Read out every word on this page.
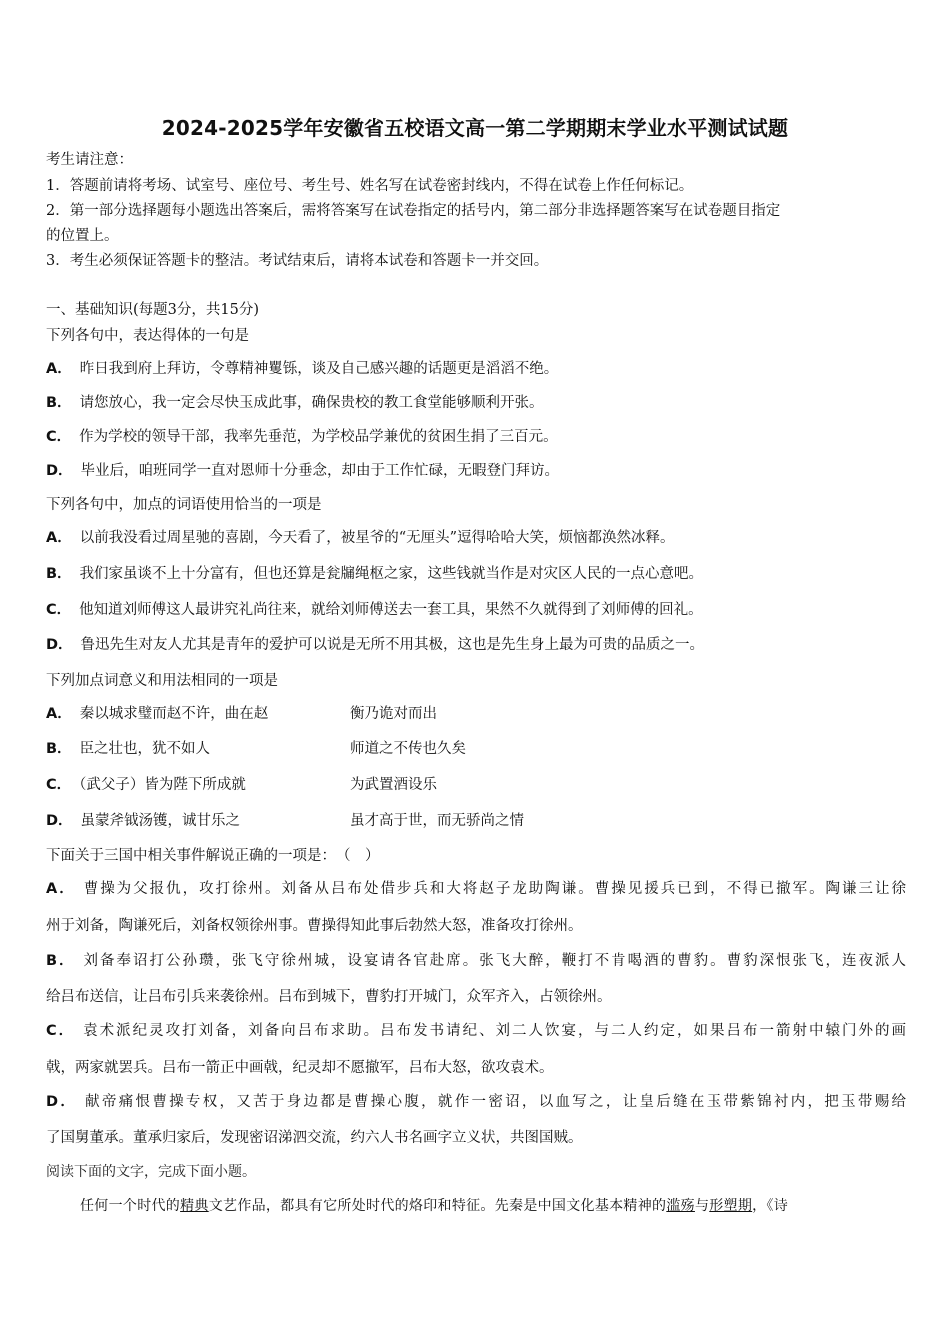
2024-2025学年安徽省五校语文高一第二学期期末学业水平测试试题
考生请注意：
1．答题前请将考场、试室号、座位号、考生号、姓名写在试卷密封线内，不得在试卷上作任何标记。
2．第一部分选择题每小题选出答案后，需将答案写在试卷指定的括号内，第二部分非选择题答案写在试卷题目指定
的位置上。
3．考生必须保证答题卡的整洁。考试结束后，请将本试卷和答题卡一并交回。
一、基础知识(每题3分，共15分)
下列各句中，表达得体的一句是
A． 昨日我到府上拜访，令尊精神矍铄，谈及自己感兴趣的话题更是滔滔不绝。
B． 请您放心，我一定会尽快玉成此事，确保贵校的教工食堂能够顺利开张。
C． 作为学校的领导干部，我率先垂范，为学校品学兼优的贫困生捐了三百元。
D． 毕业后，咱班同学一直对恩师十分垂念，却由于工作忙碌，无暇登门拜访。
下列各句中，加点的词语使用恰当的一项是
A． 以前我没看过周星驰的喜剧，今天看了，被星爷的“无厘头”逗得哈哈大笑，烦恼都涣然冰释。
B． 我们家虽谈不上十分富有，但也还算是瓮牖绳枢之家，这些钱就当作是对灾区人民的一点心意吧。
C． 他知道刘师傅这人最讲究礼尚往来，就给刘师傅送去一套工具，果然不久就得到了刘师傅的回礼。
D． 鲁迅先生对友人尤其是青年的爱护可以说是无所不用其极，这也是先生身上最为可贵的品质之一。
下列加点词意义和用法相同的一项是
A． 秦以城求璧而赵不许，曲在赵	衡乃诡对而出
B． 臣之壮也，犹不如人	师道之不传也久矣
C． （武父子）皆为陛下所成就	为武置酒设乐
D． 虽蒙斧钺汤镬，诚甘乐之	虽才高于世，而无骄尚之情
下面关于三国中相关事件解说正确的一项是：　（　）
A． 曹操为父报仇，攻打徐州。刘备从吕布处借步兵和大将赵子龙助陶谦。曹操见援兵已到，不得已撤军。陶谦三让徐
州于刘备，陶谦死后，刘备权领徐州事。曹操得知此事后勃然大怒，准备攻打徐州。
B． 刘备奉诏打公孙瓒，张飞守徐州城，设宴请各官赴席。张飞大醉，鞭打不肯喝酒的曹豹。曹豹深恨张飞，连夜派人
给吕布送信，让吕布引兵来袭徐州。吕布到城下，曹豹打开城门，众军齐入，占领徐州。
C． 袁术派纪灵攻打刘备，刘备向吕布求助。吕布发书请纪、刘二人饮宴，与二人约定，如果吕布一箭射中辕门外的画
戟，两家就罢兵。吕布一箭正中画戟，纪灵却不愿撤军，吕布大怒，欲攻袁术。
D． 献帝痛恨曹操专权，又苦于身边都是曹操心腹，就作一密诏，以血写之，让皇后缝在玉带紫锦衬内，把玉带赐给
了国舅董承。董承归家后，发现密诏涕泗交流，约六人书名画字立义状，共图国贼。
阅读下面的文字，完成下面小题。
任何一个时代的精典文艺作品，都具有它所处时代的烙印和特征。先秦是中国文化基本精神的滥殇与形塑期，《诗
